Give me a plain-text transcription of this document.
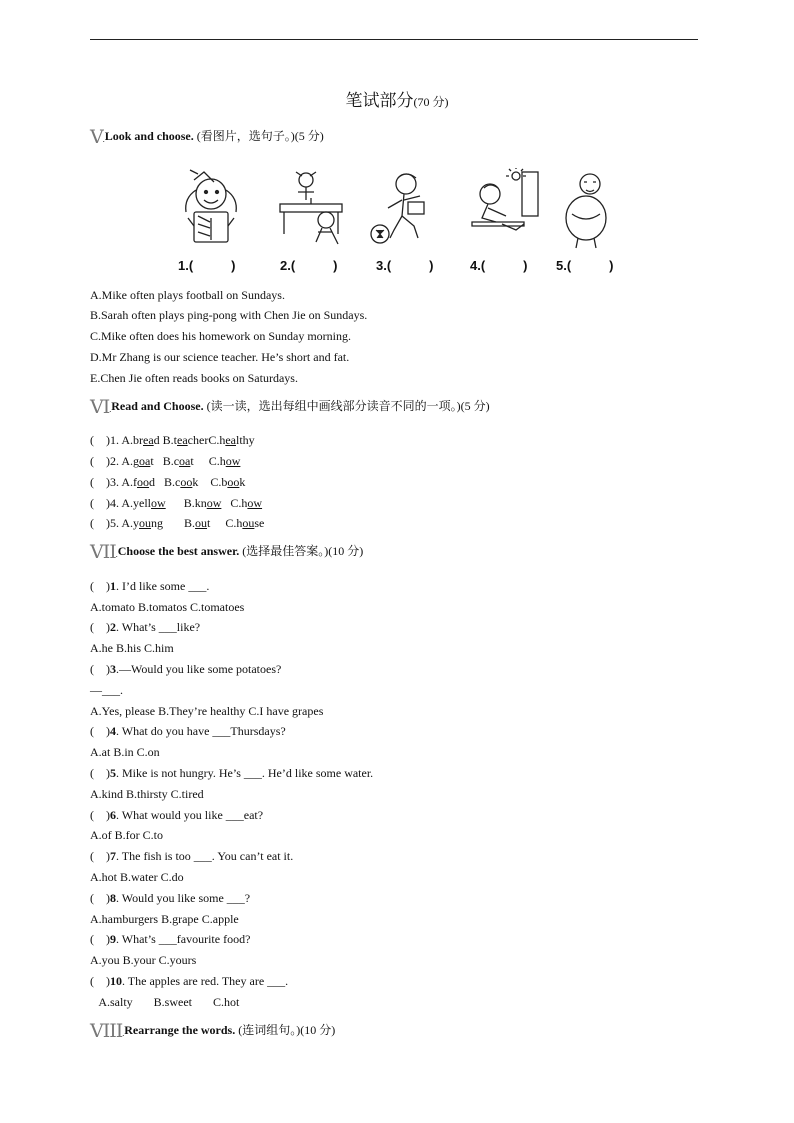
笔试部分(70 分)
V.Look and choose. (看图片，选句子。)(5 分)
1.(	)	2.(	)	3.(	)	4.(	) 5.(	)
A.Mike often plays football on Sundays.
B.Sarah often plays ping-pong with Chen Jie on Sundays.
C.Mike often does his homework on Sunday morning.
D.Mr Zhang is our science teacher. He’s short and fat.
E.Chen Jie often reads books on Saturdays.
VI.Read and Choose. (读一读，选出每组中画线部分读音不同的一项。)(5 分)
(    )1. A.bread B.teacherC.healthy
(    )2. A.goat B.coat C.how
(    )3. A.food B.cook C.book
(    )4. A.yellow B.know C.how
(    )5. A.young B.out C.house
VII.Choose the best answer. (选择最佳答案。)(10 分)
(    )1. I’d like some ___.
A.tomato B.tomatos C.tomatoes
(    )2. What’s ___like?
A.he B.his C.him
(    )3.—Would you like some potatoes?
—___.
A.Yes, please B.They’re healthy C.I have grapes
(    )4. What do you have ___Thursdays?
A.at B.in C.on
(    )5. Mike is not hungry. He’s ___. He’d like some water.
A.kind B.thirsty C.tired
(    )6. What would you like ___eat?
A.of B.for C.to
(    )7. The fish is too ___. You can’t eat it.
A.hot B.water C.do
(    )8. Would you like some ___?
A.hamburgers B.grape C.apple
(    )9. What’s ___favourite food?
A.you B.your C.yours
(    )10. The apples are red. They are ___.
A.salty       B.sweet       C.hot
VIII.Rearrange the words. (连词组句。)(10 分)
